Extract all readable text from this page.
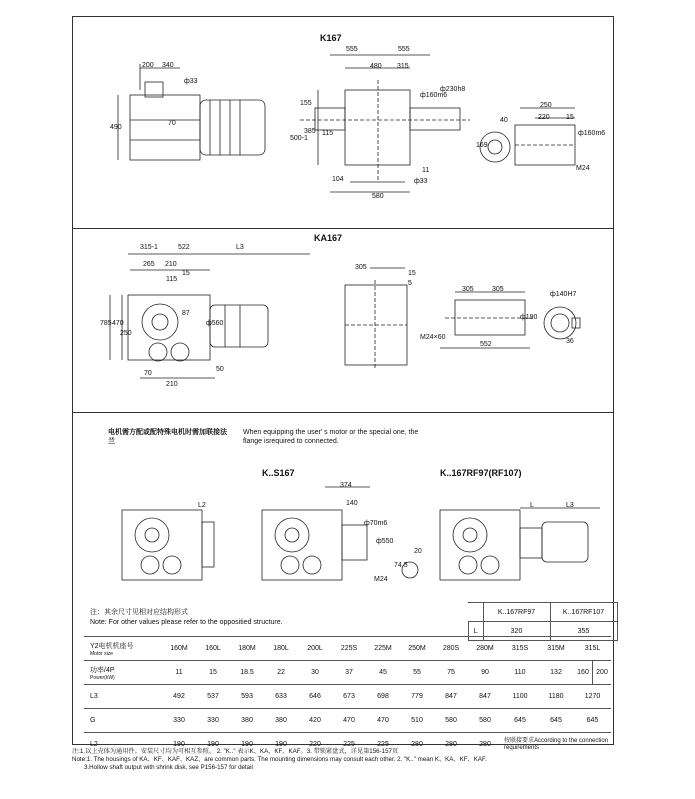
K167
KA167
K..S167	K..167RF97(RF107)
200 340
ф33
70
490
555	555
480 315
ф160m6
ф230h8
155
500-1
385 115
11
104	ф33
580
250
220 15
ф160m6
40
169
M24
315-1	522	L3
265 210
15
115
87
785 470
250
ф560
50
70
210
305
15
5
305	305
ф140H7
ф190
M24×60
552	36
电机需方配或配特殊电机时需加联接法兰
When equipping the user' s motor or the special one, the flange isrequired to connected.
L2
374
140
ф70m6
ф550
20
74.5
M24
L	L3
注：其余尺寸见相对应结构形式
Note: For other values please refer to the oppositied structure.
	K..167RF97	K..167RF107
L	320	355
Y2电机机座号
Motor size	160M	160L	180M	180L	200L	225S	225M	250M	280S	280M	315S	315M	315L	
功率/4P
Power(kW)	11	15	18.5	22	30	37	45	55	75	90	110	132	160	200
L3	492	537	593	633	646	673	698	779	847	847	1100	1180	1270	
G	330	330	380	380	420	470	470	510	580	580	645	645	645	
L2	190	190	190	190	220	225	225	280	280	280	按联接要求According to the connection requirements			
注:1.以上壳体为通用件。安装尺寸均为可相互参照。 2. "K.." 表示K、KA、KF、KAF。3. 带锁紧盘式，详见第156-157页
Note:1. The housings of KA、KF、KAF、KAZ、are common parts. The mounting dimensions may consult each other. 2. "K.." mean K、KA、KF、KAF.
3.Hollow shaft output with shrink disk, see P156-157 for detail
